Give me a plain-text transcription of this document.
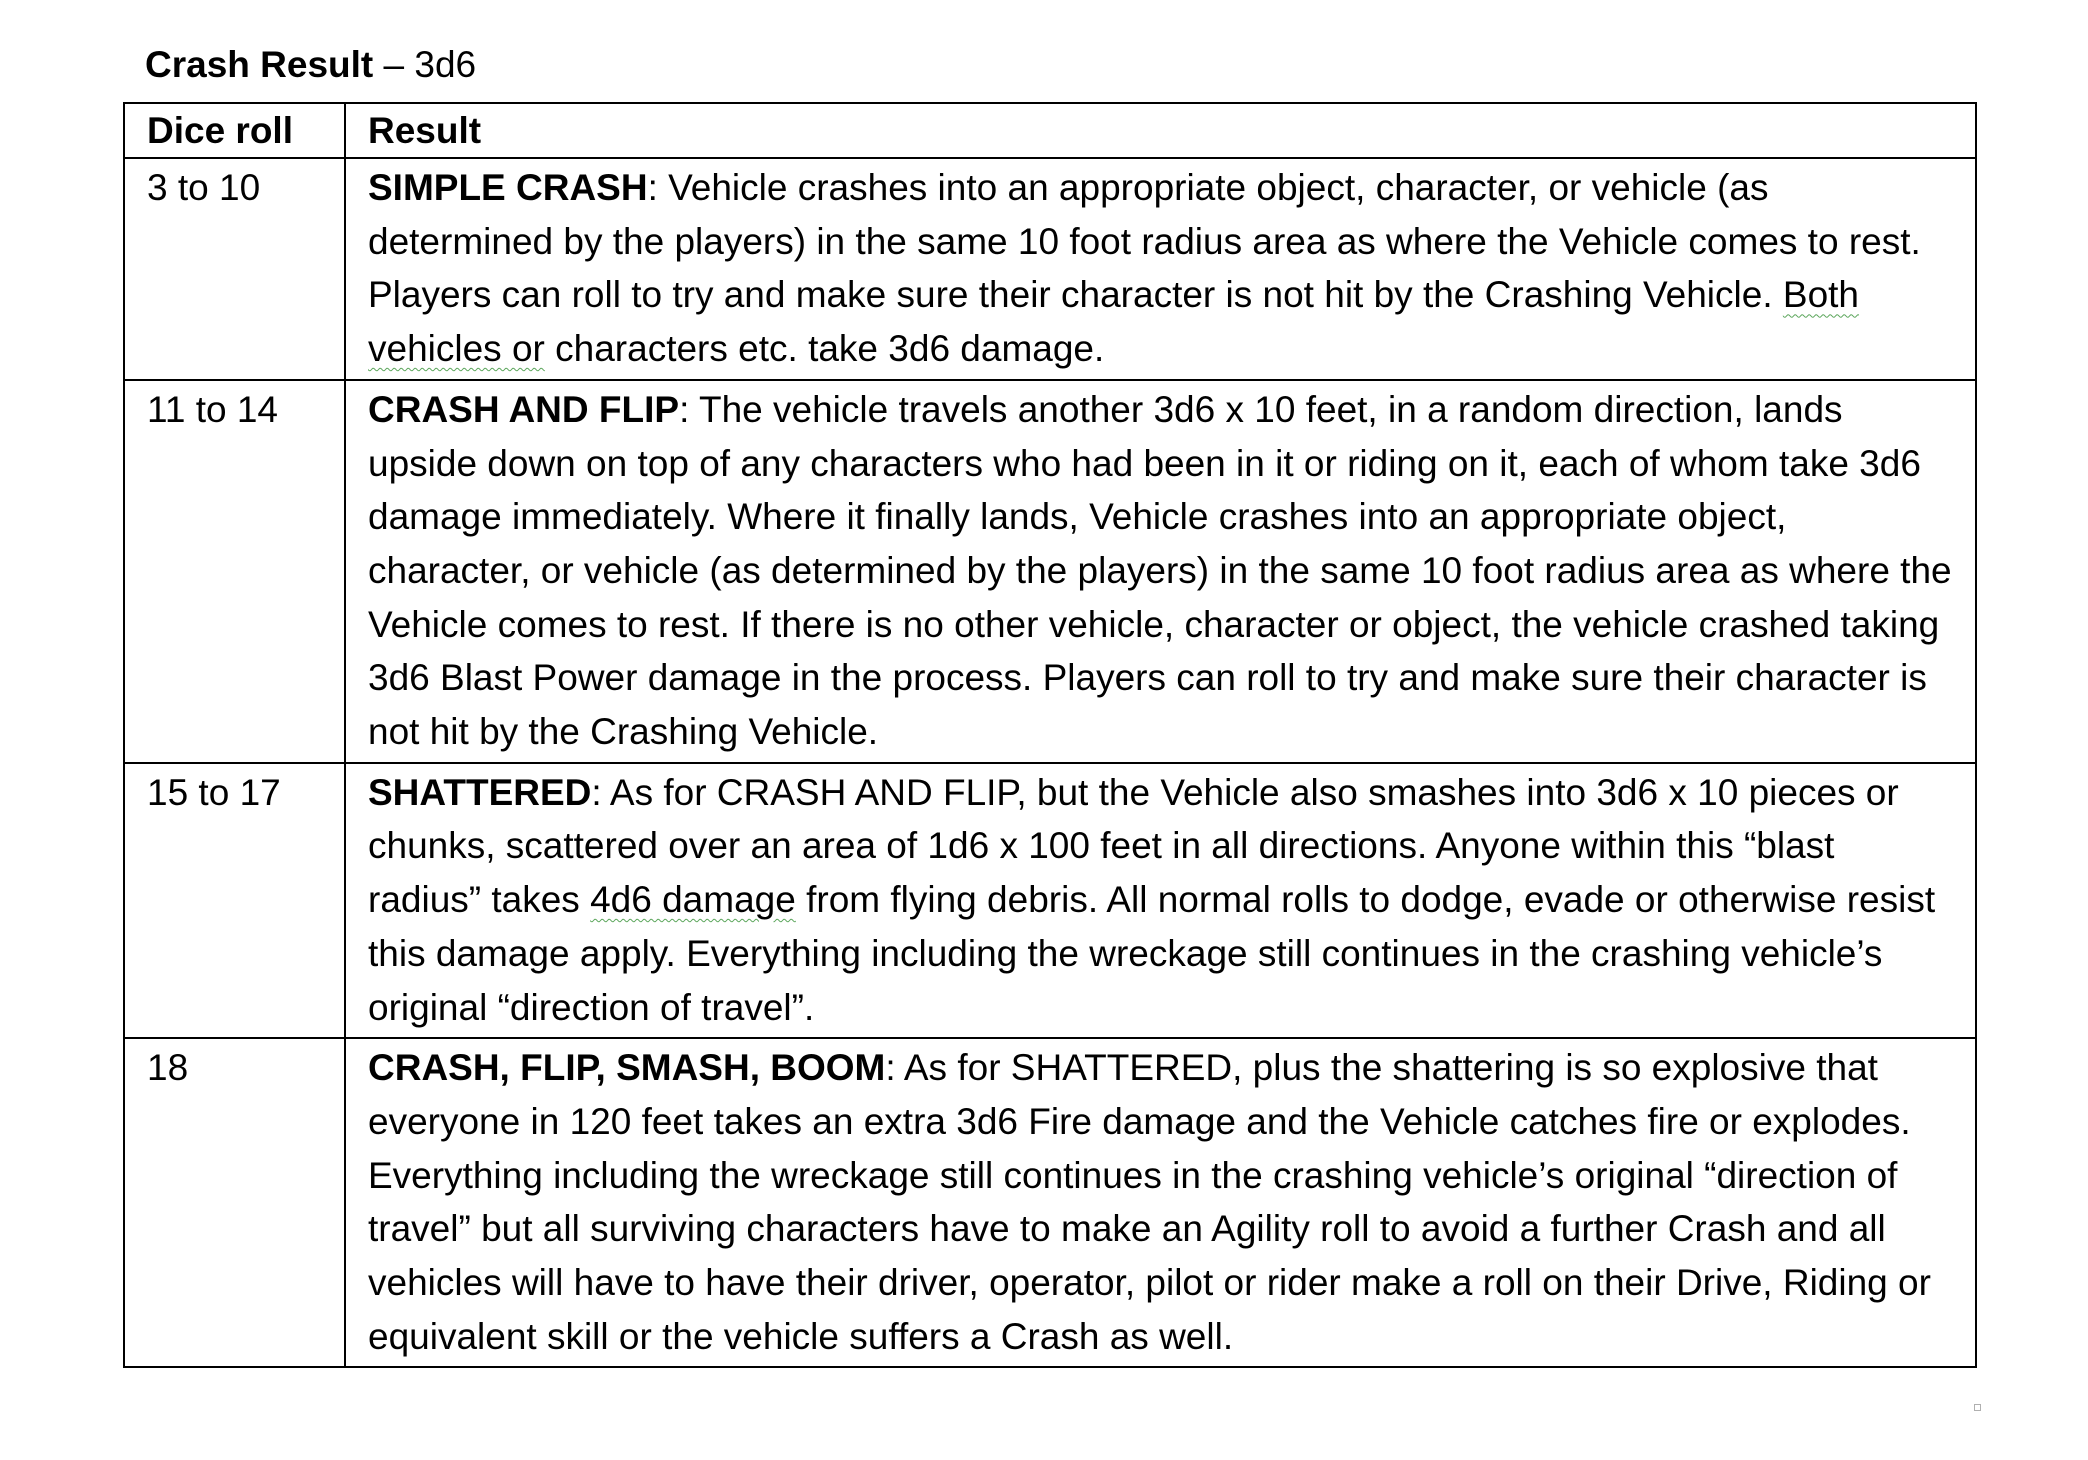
Crash Result – 3d6
Dice roll	Result
3 to 10	SIMPLE CRASH: Vehicle crashes into an appropriate object, character, or vehicle (as determined by the players) in the same 10 foot radius area as where the Vehicle comes to rest. Players can roll to try and make sure their character is not hit by the Crashing Vehicle. Both vehicles or characters etc. take 3d6 damage.
11 to 14	CRASH AND FLIP: The vehicle travels another 3d6 x 10 feet, in a random direction, lands upside down on top of any characters who had been in it or riding on it, each of whom take 3d6 damage immediately. Where it finally lands, Vehicle crashes into an appropriate object, character, or vehicle (as determined by the players) in the same 10 foot radius area as where the Vehicle comes to rest. If there is no other vehicle, character or object, the vehicle crashed taking 3d6 Blast Power damage in the process. Players can roll to try and make sure their character is not hit by the Crashing Vehicle.
15 to 17	SHATTERED: As for CRASH AND FLIP, but the Vehicle also smashes into 3d6 x 10 pieces or chunks, scattered over an area of 1d6 x 100 feet in all directions. Anyone within this “blast radius” takes 4d6 damage from flying debris. All normal rolls to dodge, evade or otherwise resist this damage apply. Everything including the wreckage still continues in the crashing vehicle’s original “direction of travel”.
18	CRASH, FLIP, SMASH, BOOM: As for SHATTERED, plus the shattering is so explosive that everyone in 120 feet takes an extra 3d6 Fire damage and the Vehicle catches fire or explodes. Everything including the wreckage still continues in the crashing vehicle’s original “direction of travel” but all surviving characters have to make an Agility roll to avoid a further Crash and all vehicles will have to have their driver, operator, pilot or rider make a roll on their Drive, Riding or equivalent skill or the vehicle suffers a Crash as well.
